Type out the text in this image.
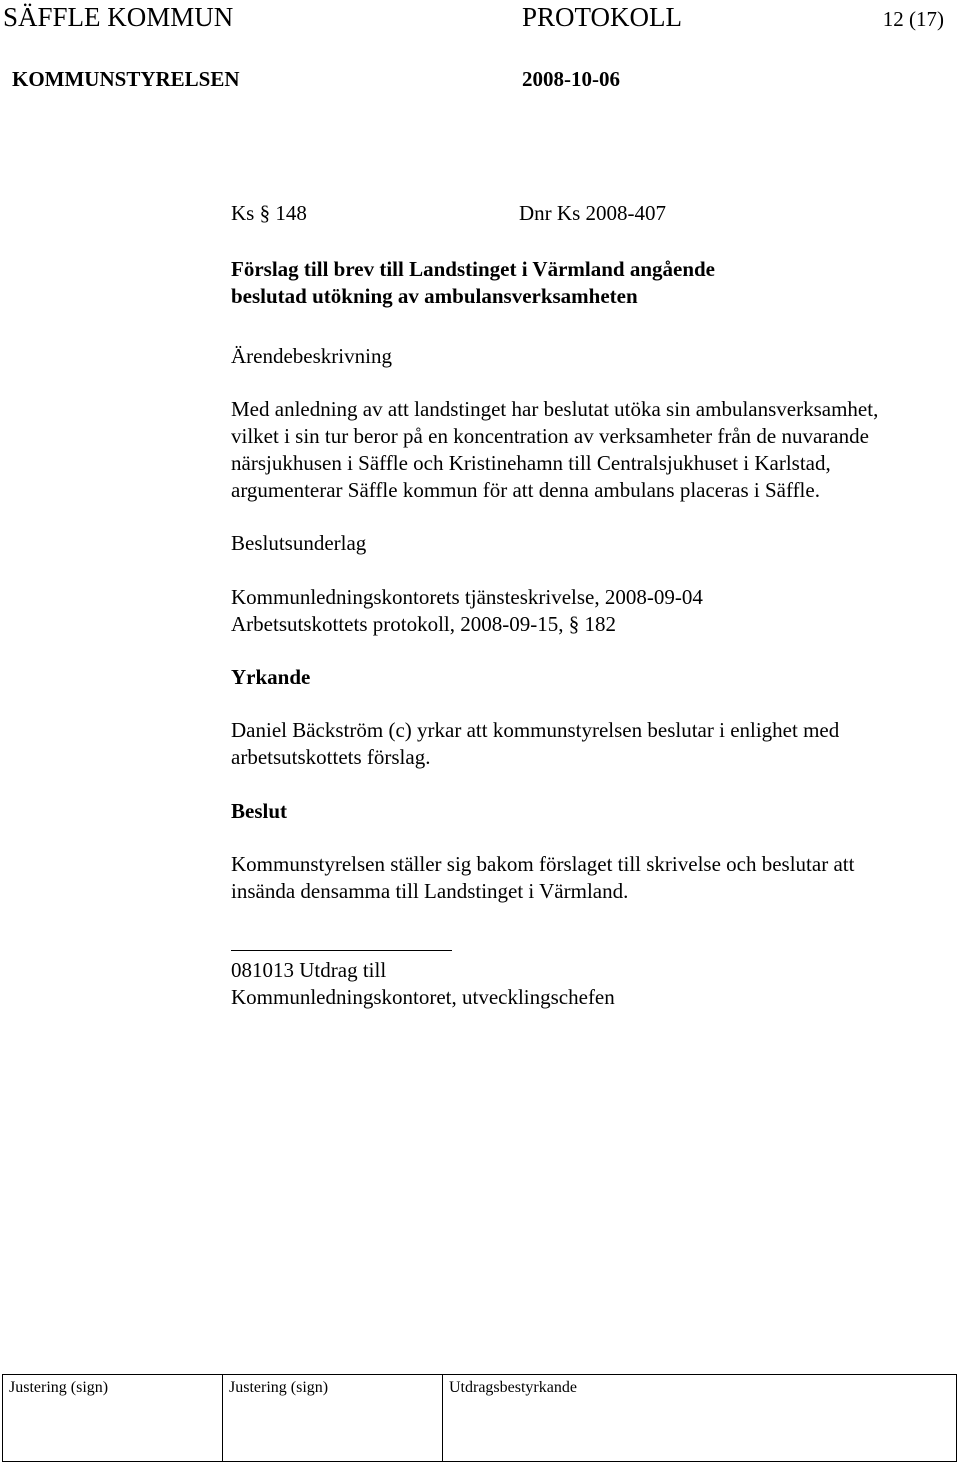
SÄFFLE KOMMUN	PROTOKOLL	12 (17)
KOMMUNSTYRELSEN	2008-10-06
Ks § 148	Dnr Ks 2008-407
Förslag till brev till Landstinget i Värmland angående
beslutad utökning av ambulansverksamheten
Ärendebeskrivning
Med anledning av att landstinget har beslutat utöka sin ambulansverksamhet,
vilket i sin tur beror på en koncentration av verksamheter från de nuvarande
närsjukhusen i Säffle och Kristinehamn till Centralsjukhuset i Karlstad,
argumenterar Säffle kommun för att denna ambulans placeras i Säffle.
Beslutsunderlag
Kommunledningskontorets tjänsteskrivelse, 2008-09-04
Arbetsutskottets protokoll, 2008-09-15, § 182
Yrkande
Daniel Bäckström (c) yrkar att kommunstyrelsen beslutar i enlighet med
arbetsutskottets förslag.
Beslut
Kommunstyrelsen ställer sig bakom förslaget till skrivelse och beslutar att
insända densamma till Landstinget i Värmland.
081013 Utdrag till
Kommunledningskontoret, utvecklingschefen
Justering (sign)	Justering (sign)	Utdragsbestyrkande
